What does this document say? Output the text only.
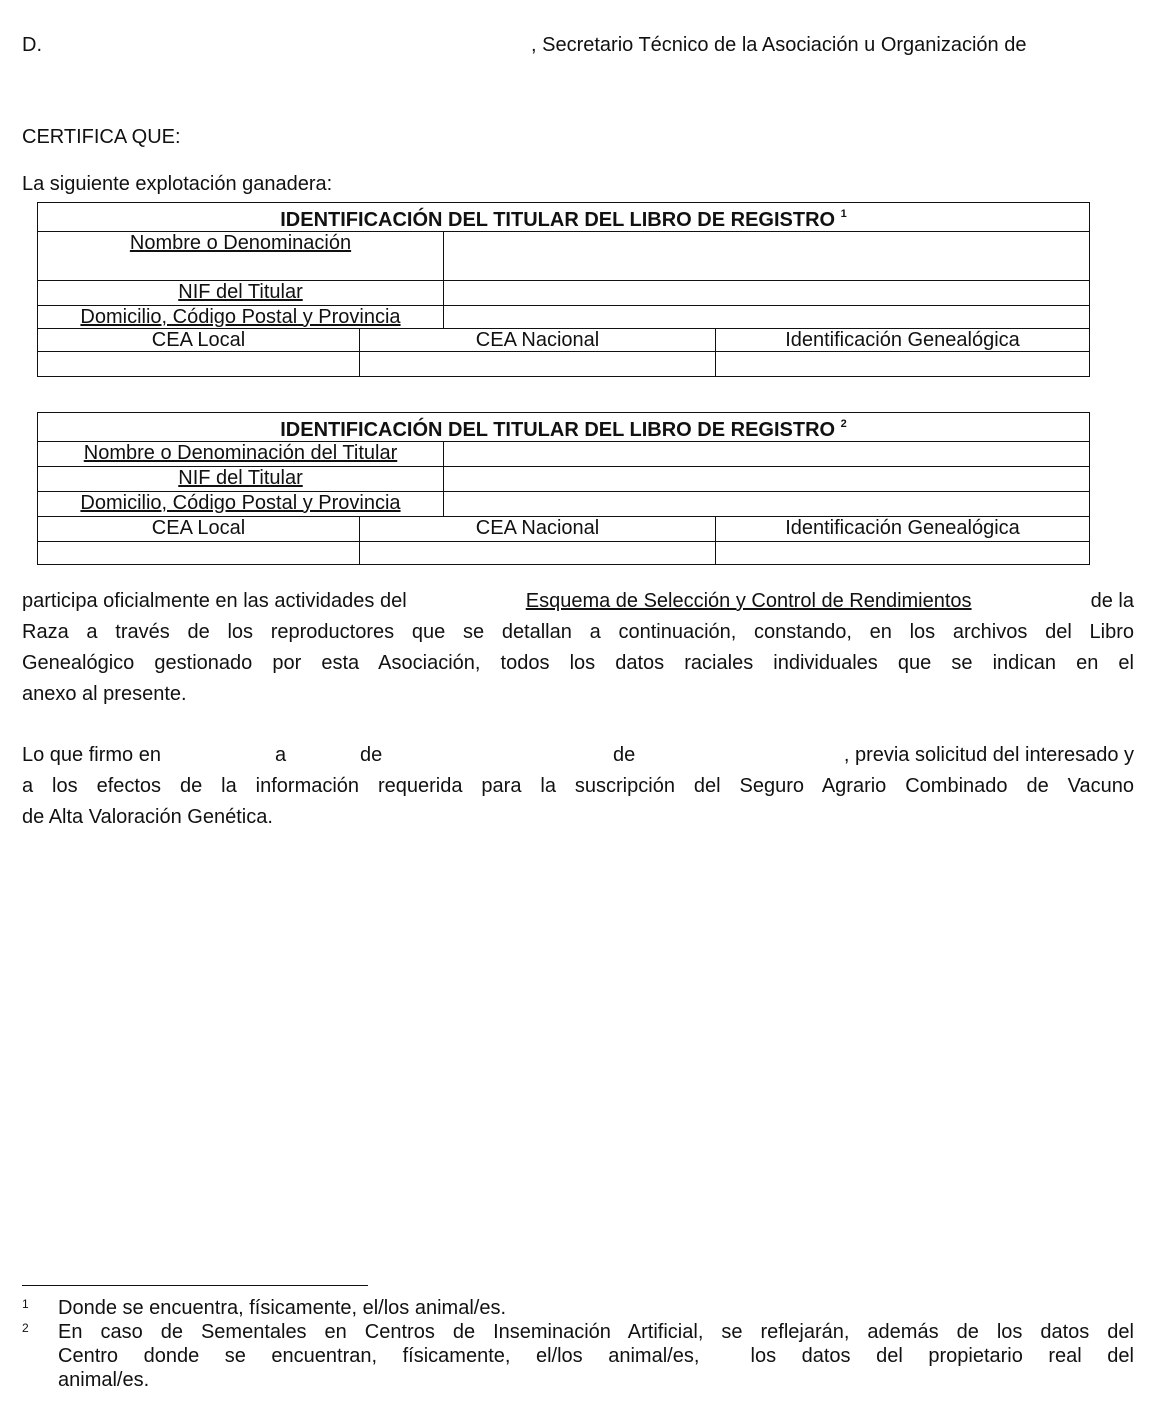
D.	, Secretario Técnico de la Asociación u Organización de
CERTIFICA QUE:
La siguiente explotación ganadera:
IDENTIFICACIÓN DEL TITULAR DEL LIBRO DE REGISTRO $^1$
Nombre o Denominación			
NIF del Titular			
Domicilio, Código Postal y Provincia			
CEA Local	CEA Nacional		Identificación Genealógica

IDENTIFICACIÓN DEL TITULAR DEL LIBRO DE REGISTRO $^2$
Nombre o Denominación del Titular			
NIF del Titular			
Domicilio, Código Postal y Provincia			
CEA Local	CEA Nacional		Identificación Genealógica

participa oficialmente en las actividades del	Esquema de Selección y Control de Rendimientos	de la
Raza a través de los reproductores que se detallan a continuación, constando, en los archivos del Libro
Genealógico gestionado por esta Asociación, todos los datos raciales individuales que se indican en el
anexo al presente.
Lo que firmo en	a	de	de	, previa solicitud del interesado y
a los efectos de la información requerida para la suscripción del Seguro Agrario Combinado de Vacuno
de Alta Valoración Genética.
1 Donde se encuentra, físicamente, el/los animal/es.
2 En caso de Sementales en Centros de Inseminación Artificial, se reflejarán, además de los datos del
Centro donde se encuentran, físicamente, el/los animal/es,  los datos del propietario real del
animal/es.
